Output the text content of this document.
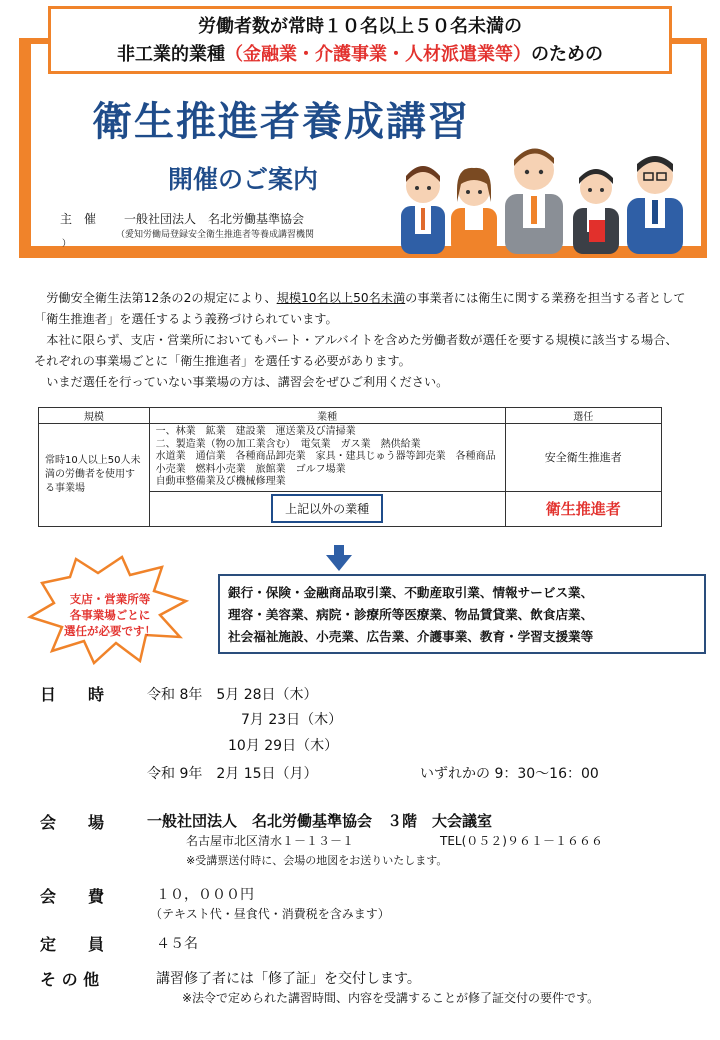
労働者数が常時１０名以上５０名未満の
非工業的業種（金融業・介護事業・人材派遣業等）のための
衛生推進者養成講習
開催のご案内
主　催 一般社団法人　名北労働基準協会
（愛知労働局登録安全衛生推進者等養成講習機関
）

労働安全衛生法第12条の2の規定により、規模10名以上50名未満の事業者には衛生に関する業務を担当する者として「衛生推進者」を選任するよう義務づけられています。

本社に限らず、支店・営業所においてもパート・アルバイトを含めた労働者数が選任を要する規模に該当する場合、それぞれの事業場ごとに「衛生推進者」を選任する必要があります。

いまだ選任を行っていない事業場の方は、講習会をぜひご利用ください。

規模	業種	選任
常時10人以上50人未満の労働者を使用する事業場	一、林業　鉱業　建設業　運送業及び清掃業
二、製造業（物の加工業含む）　電気業　ガス業　熱供給業
水道業　通信業　各種商品卸売業　家具・建具じゅう器等卸売業　各種商品小売業　燃料小売業　旅館業　ゴルフ場業
自動車整備業及び機械修理業	安全衛生推進者
	上記以外の業種	衛生推進者
支店・営業所等
各事業場ごとに
選任が必要です！
銀行・保険・金融商品取引業、不動産取引業、情報サービス業、
理容・美容業、病院・診療所等医療業、物品賃貸業、飲食店業、
社会福祉施設、小売業、広告業、介護事業、教育・学習支援業等
日　　時	令和 8年　5月 28日（木）
7月 23日（木）
10月 29日（木）
令和 9年　2月 15日（月）	いずれかの 9：30〜16：00
会　　場	一般社団法人　名北労働基準協会　３階　大会議室
名古屋市北区清水１－１３－１	TEL(０５２)９６１－１６６６
※受講票送付時に、会場の地図をお送りいたします。
会　　費	１０，０００円
（テキスト代・昼食代・消費税を含みます）
定　　員	４５名
そ の 他	講習修了者には「修了証」を交付します。
※法令で定められた講習時間、内容を受講することが修了証交付の要件です。
